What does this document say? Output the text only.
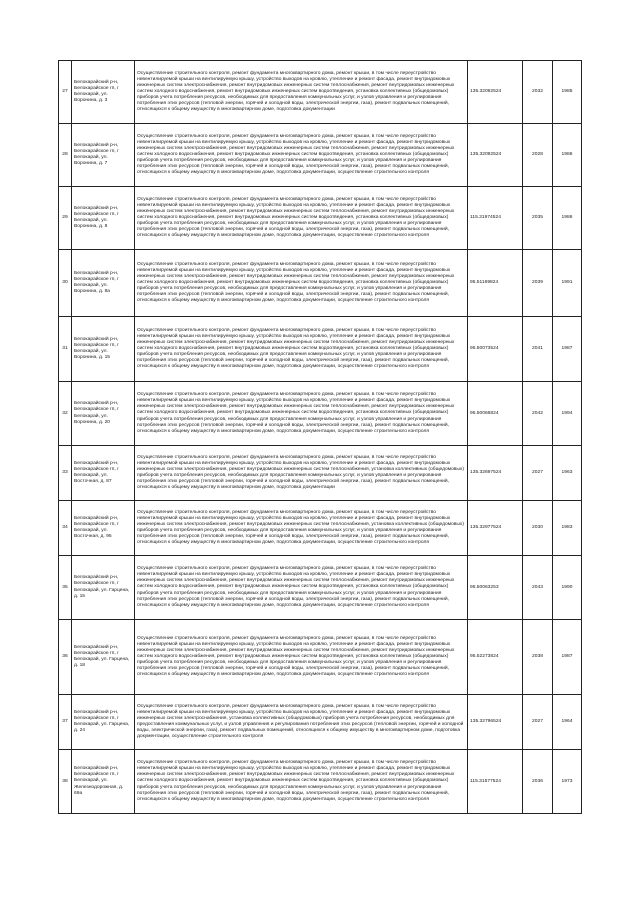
27	Белокарайский р-н, Белокарайское гп, г Белокарай, ул. Воронина, д. 3	Осуществление строительного контроля, ремонт фундамента многоквартирного дома, ремонт крыши, в том числе переустройство невентилируемой крыши на вентилируемую крышу, устройство выходов на кровлю, утепление и ремонт фасада, ремонт внутридомовых инженерных систем электроснабжения, ремонт внутридомовых инженерных систем теплоснабжения, ремонт внутридомовых инженерных систем холодного водоснабжения, ремонт внутридомовых инженерных систем водоотведения, установка коллективных (общедомовых) приборов учета потребления ресурсов, необходимых для предоставления коммунальных услуг, и узлов управления и регулирования потребления этих ресурсов (тепловой энергии, горячей и холодной воды, электрической энергии, газа), ремонт подвальных помещений, относящихся к общему имуществу в многоквартирном доме, подготовка документации	135.32092524	2032	1985
28	Белокарайский р-н, Белокарайское гп, г Белокарай, ул. Воронина, д. 7	Осуществление строительного контроля, ремонт фундамента многоквартирного дома, ремонт крыши, в том числе переустройство невентилируемой крыши на вентилируемую крышу, устройство выходов на кровлю, утепление и ремонт фасада, ремонт внутридомовых инженерных систем электроснабжения, ремонт внутридомовых инженерных систем теплоснабжения, ремонт внутридомовых инженерных систем холодного водоснабжения, ремонт внутридомовых инженерных систем водоотведения, установка коллективных (общедомовых) приборов учета потребления ресурсов, необходимых для предоставления коммунальных услуг, и узлов управления и регулирования потребления этих ресурсов (тепловой энергии, горячей и холодной воды, электрической энергии, газа), ремонт подвальных помещений, относящихся к общему имуществу в многоквартирном доме, подготовка документации, осуществление строительного контроля	135.32092524	2028	1986
29	Белокарайский р-н, Белокарайское гп, г Белокарай, ул. Воронина, д. 8	Осуществление строительного контроля, ремонт фундамента многоквартирного дома, ремонт крыши, в том числе переустройство невентилируемой крыши на вентилируемую крышу, устройство выходов на кровлю, утепление и ремонт фасада, ремонт внутридомовых инженерных систем электроснабжения, ремонт внутридомовых инженерных систем теплоснабжения, ремонт внутридомовых инженерных систем холодного водоснабжения, ремонт внутридомовых инженерных систем водоотведения, установка коллективных (общедомовых) приборов учета потребления ресурсов, необходимых для предоставления коммунальных услуг, и узлов управления и регулирования потребления этих ресурсов (тепловой энергии, горячей и холодной воды, электрической энергии, газа), ремонт подвальных помещений, относящихся к общему имуществу в многоквартирном доме, подготовка документации, осуществление строительного контроля	115.31974524	2035	1986
30	Белокарайский р-н, Белокарайское гп, г Белокарай, ул. Воронина, д. 8а	Осуществление строительного контроля, ремонт фундамента многоквартирного дома, ремонт крыши, в том числе переустройство невентилируемой крыши на вентилируемую крышу, устройство выходов на кровлю, утепление и ремонт фасада, ремонт внутридомовых инженерных систем электроснабжения, ремонт внутридомовых инженерных систем теплоснабжения, ремонт внутридомовых инженерных систем холодного водоснабжения, ремонт внутридомовых инженерных систем водоотведения, установка коллективных (общедомовых) приборов учета потребления ресурсов, необходимых для предоставления коммунальных услуг, и узлов управления и регулирования потребления этих ресурсов (тепловой энергии, горячей и холодной воды, электрической энергии, газа), ремонт подвальных помещений, относящихся к общему имуществу в многоквартирном доме, подготовка документации, осуществление строительного контроля	95.51169824	2039	1991
31	Белокарайский р-н, Белокарайское гп, г Белокарай, ул. Воронина, д. 15	Осуществление строительного контроля, ремонт фундамента многоквартирного дома, ремонт крыши, в том числе переустройство невентилируемой крыши на вентилируемую крышу, устройство выходов на кровлю, утепление и ремонт фасада, ремонт внутридомовых инженерных систем электроснабжения, ремонт внутридомовых инженерных систем теплоснабжения, ремонт внутридомовых инженерных систем холодного водоснабжения, ремонт внутридомовых инженерных систем водоотведения, установка коллективных (общедомовых) приборов учета потребления ресурсов, необходимых для предоставления коммунальных услуг, и узлов управления и регулирования потребления этих ресурсов (тепловой энергии, горячей и холодной воды, электрической энергии, газа), ремонт подвальных помещений, относящихся к общему имуществу в многоквартирном доме, подготовка документации, осуществление строительного контроля	95.50073524	2041	1987
32	Белокарайский р-н, Белокарайское гп, г Белокарай, ул. Воронина, д. 20	Осуществление строительного контроля, ремонт фундамента многоквартирного дома, ремонт крыши, в том числе переустройство невентилируемой крыши на вентилируемую крышу, устройство выходов на кровлю, утепление и ремонт фасада, ремонт внутридомовых инженерных систем электроснабжения, ремонт внутридомовых инженерных систем теплоснабжения, ремонт внутридомовых инженерных систем холодного водоснабжения, ремонт внутридомовых инженерных систем водоотведения, установка коллективных (общедомовых) приборов учета потребления ресурсов, необходимых для предоставления коммунальных услуг, и узлов управления и регулирования потребления этих ресурсов (тепловой энергии, горячей и холодной воды, электрической энергии, газа), ремонт подвальных помещений, относящихся к общему имуществу в многоквартирном доме, подготовка документации, осуществление строительного контроля	95.50066824	2042	1994
33	Белокарайский р-н, Белокарайское гп, г Белокарай, ул. Восточная, д. 87	Осуществление строительного контроля, ремонт фундамента многоквартирного дома, ремонт крыши, в том числе переустройство невентилируемой крыши на вентилируемую крышу, устройство выходов на кровлю, утепление и ремонт фасада, ремонт внутридомовых инженерных систем электроснабжения, ремонт внутридомовых инженерных систем теплоснабжения, установка коллективных (общедомовых) приборов учета потребления ресурсов, необходимых для предоставления коммунальных услуг, и узлов управления и регулирования потребления этих ресурсов (тепловой энергии, горячей и холодной воды, электрической энергии, газа), ремонт подвальных помещений, относящихся к общему имуществу в многоквартирном доме, подготовка документации	135.32697524	2027	1963
34	Белокарайский р-н, Белокарайское гп, г Белокарай, ул. Восточная, д. 95	Осуществление строительного контроля, ремонт фундамента многоквартирного дома, ремонт крыши, в том числе переустройство невентилируемой крыши на вентилируемую крышу, устройство выходов на кровлю, утепление и ремонт фасада, ремонт внутридомовых инженерных систем электроснабжения, ремонт внутридомовых инженерных систем теплоснабжения, установка коллективных (общедомовых) приборов учета потребления ресурсов, необходимых для предоставления коммунальных услуг, и узлов управления и регулирования потребления этих ресурсов (тепловой энергии, горячей и холодной воды, электрической энергии, газа), ремонт подвальных помещений, относящихся к общему имуществу в многоквартирном доме, подготовка документации, осуществление строительного контроля	135.32977524	2030	1983
35	Белокарайский р-н, Белокарайское гп, г Белокарай, ул. Гарцена, д. 15	Осуществление строительного контроля, ремонт фундамента многоквартирного дома, ремонт крыши, в том числе переустройство невентилируемой крыши на вентилируемую крышу, устройство выходов на кровлю, утепление и ремонт фасада, ремонт внутридомовых инженерных систем электроснабжения, ремонт внутридомовых инженерных систем теплоснабжения, ремонт внутридомовых инженерных систем холодного водоснабжения, ремонт внутридомовых инженерных систем водоотведения, установка коллективных (общедомовых) приборов учета потребления ресурсов, необходимых для предоставления коммунальных услуг, и узлов управления и регулирования потребления этих ресурсов (тепловой энергии, горячей и холодной воды, электрической энергии, газа), ремонт подвальных помещений, относящихся к общему имуществу в многоквартирном доме, подготовка документации, осуществление строительного контроля	95.50063253	2043	1990
36	Белокарайский р-н, Белокарайское гп, г Белокарай, ул. Гарцена, д. 18	Осуществление строительного контроля, ремонт фундамента многоквартирного дома, ремонт крыши, в том числе переустройство невентилируемой крыши на вентилируемую крышу, устройство выходов на кровлю, утепление и ремонт фасада, ремонт внутридомовых инженерных систем электроснабжения, ремонт внутридомовых инженерных систем теплоснабжения, ремонт внутридомовых инженерных систем холодного водоснабжения, ремонт внутридомовых инженерных систем водоотведения, установка коллективных (общедомовых) приборов учета потребления ресурсов, необходимых для предоставления коммунальных услуг, и узлов управления и регулирования потребления этих ресурсов (тепловой энергии, горячей и холодной воды, электрической энергии, газа), ремонт подвальных помещений, относящихся к общему имуществу в многоквартирном доме, подготовка документации, осуществление строительного контроля	95.52273824	2038	1987
37	Белокарайский р-н, Белокарайское гп, г Белокарай, ул. Гарцена, д. 24	Осуществление строительного контроля, ремонт фундамента многоквартирного дома, ремонт крыши, в том числе переустройство невентилируемой крыши на вентилируемую крышу, устройство выходов на кровлю, утепление и ремонт фасада, ремонт внутридомовых инженерных систем электроснабжения, установка коллективных (общедомовых) приборов учета потребления ресурсов, необходимых для предоставления коммунальных услуг, и узлов управления и регулирования потребления этих ресурсов (тепловой энергии, горячей и холодной воды, электрической энергии, газа), ремонт подвальных помещений, относящихся к общему имуществу в многоквартирном доме, подготовка документации, осуществление строительного контроля	135.32796524	2027	1964
38	Белокарайский р-н, Белокарайское гп, г Белокарай, ул. Железнодорожная, д. 69а	Осуществление строительного контроля, ремонт фундамента многоквартирного дома, ремонт крыши, в том числе переустройство невентилируемой крыши на вентилируемую крышу, устройство выходов на кровлю, утепление и ремонт фасада, ремонт внутридомовых инженерных систем электроснабжения, ремонт внутридомовых инженерных систем теплоснабжения, ремонт внутридомовых инженерных систем холодного водоснабжения, ремонт внутридомовых инженерных систем водоотведения, установка коллективных (общедомовых) приборов учета потребления ресурсов, необходимых для предоставления коммунальных услуг, и узлов управления и регулирования потребления этих ресурсов (тепловой энергии, горячей и холодной воды, электрической энергии, газа), ремонт подвальных помещений, относящихся к общему имуществу в многоквартирном доме, подготовка документации, осуществление строительного контроля	115.31577524	2036	1973
